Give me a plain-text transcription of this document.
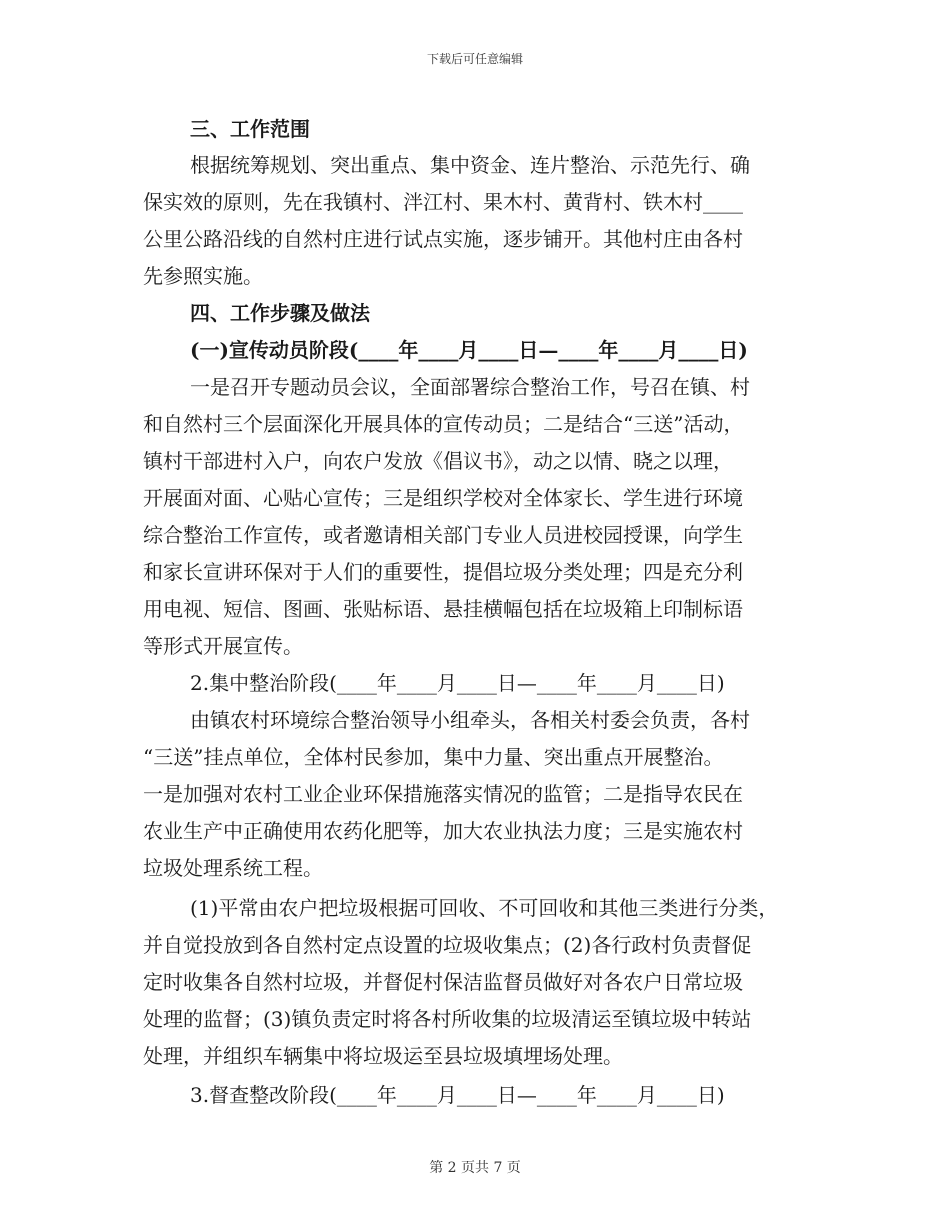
下载后可任意编辑
三、工作范围
根据统筹规划、突出重点、集中资金、连片整治、示范先行、确
保实效的原则，先在我镇村、泮江村、果木村、黄背村、铁木村____
公里公路沿线的自然村庄进行试点实施，逐步铺开。其他村庄由各村
先参照实施。
四、工作步骤及做法
(一)宣传动员阶段(____年____月____日—____年____月____日)
一是召开专题动员会议，全面部署综合整治工作，号召在镇、村
和自然村三个层面深化开展具体的宣传动员；二是结合“三送”活动，
镇村干部进村入户，向农户发放《倡议书》，动之以情、晓之以理，
开展面对面、心贴心宣传；三是组织学校对全体家长、学生进行环境
综合整治工作宣传，或者邀请相关部门专业人员进校园授课，向学生
和家长宣讲环保对于人们的重要性，提倡垃圾分类处理；四是充分利
用电视、短信、图画、张贴标语、悬挂横幅包括在垃圾箱上印制标语
等形式开展宣传。
2.集中整治阶段(____年____月____日—____年____月____日)
由镇农村环境综合整治领导小组牵头，各相关村委会负责，各村
“三送”挂点单位，全体村民参加，集中力量、突出重点开展整治。
一是加强对农村工业企业环保措施落实情况的监管；二是指导农民在
农业生产中正确使用农药化肥等，加大农业执法力度；三是实施农村
垃圾处理系统工程。
(1)平常由农户把垃圾根据可回收、不可回收和其他三类进行分类，
并自觉投放到各自然村定点设置的垃圾收集点；(2)各行政村负责督促
定时收集各自然村垃圾，并督促村保洁监督员做好对各农户日常垃圾
处理的监督；(3)镇负责定时将各村所收集的垃圾清运至镇垃圾中转站
处理，并组织车辆集中将垃圾运至县垃圾填埋场处理。
3.督查整改阶段(____年____月____日—____年____月____日)
第 2 页共 7 页
